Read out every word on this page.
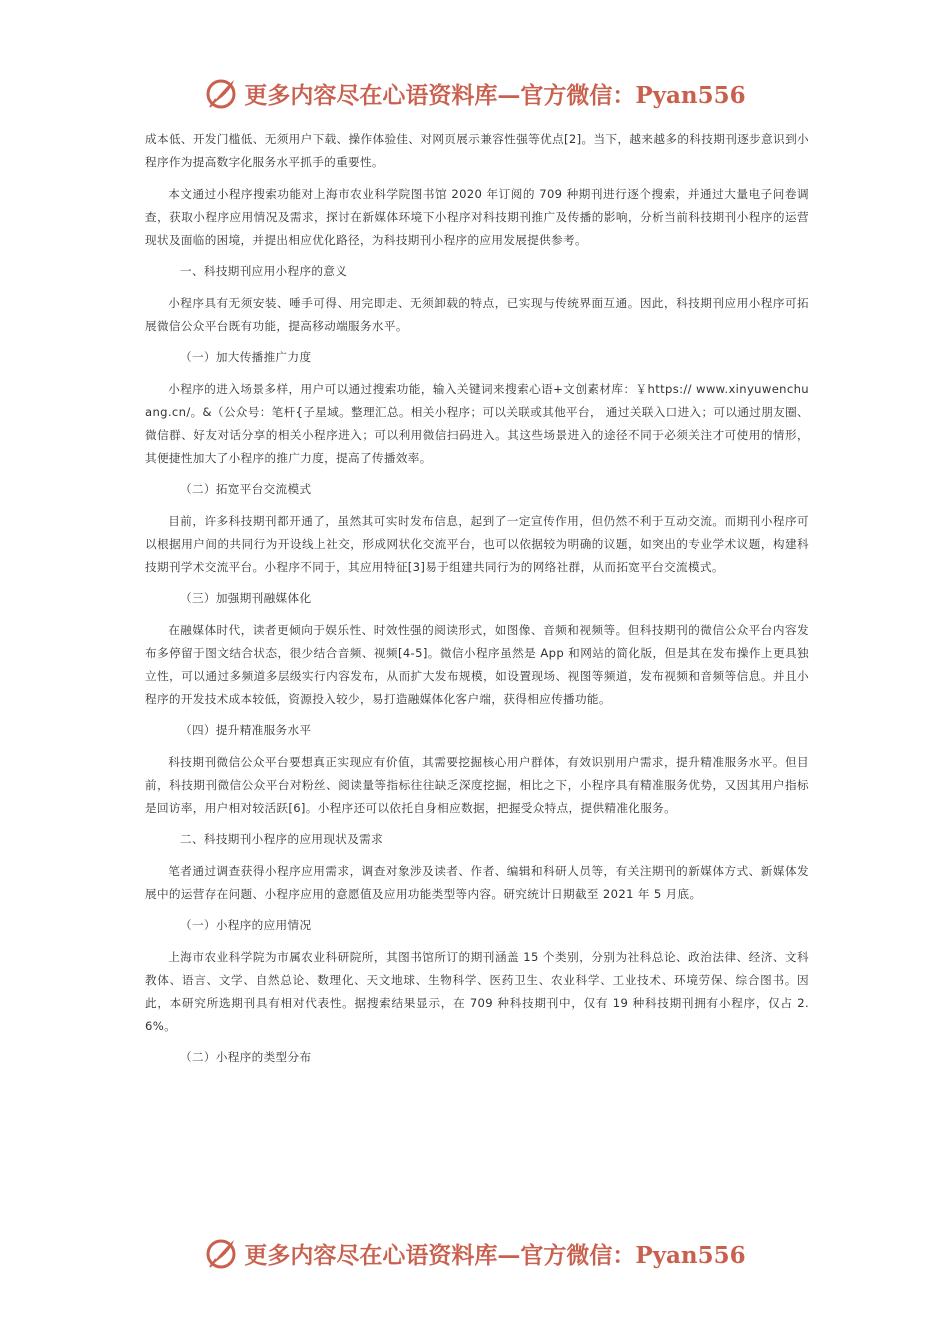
更多内容尽在心语资料库—官方微信：Pyan556

成本低、开发门槛低、无须用户下载、操作体验佳、对网页展示兼容性强等优点[2]。当下，越来越多的科技期刊逐步意识到小程序作为提高数字化服务水平抓手的重要性。

本文通过小程序搜索功能对上海市农业科学院图书馆 2020 年订阅的 709 种期刊进行逐个搜索，并通过大量电子问卷调查，获取小程序应用情况及需求，探讨在新媒体环境下小程序对科技期刊推广及传播的影响，分析当前科技期刊小程序的运营现状及面临的困境，并提出相应优化路径，为科技期刊小程序的应用发展提供参考。

一、科技期刊应用小程序的意义

小程序具有无须安装、唾手可得、用完即走、无须卸载的特点，已实现与传统界面互通。因此，科技期刊应用小程序可拓展微信公众平台既有功能，提高移动端服务水平。

（一）加大传播推广力度

小程序的进入场景多样，用户可以通过搜索功能，输入关键词来搜索心语+文创素材库：￥https:// www.xinyuwenchuang.cn/。&（公众号：笔杆{子星域。整理汇总。相关小程序；可以关联或其他平台， 通过关联入口进入；可以通过朋友圈、微信群、好友对话分享的相关小程序进入；可以利用微信扫码进入。其这些场景进入的途径不同于必须关注才可使用的情形，其便捷性加大了小程序的推广力度，提高了传播效率。

（二）拓宽平台交流模式

目前，许多科技期刊都开通了，虽然其可实时发布信息，起到了一定宣传作用，但仍然不利于互动交流。而期刊小程序可以根据用户间的共同行为开设线上社交，形成网状化交流平台，也可以依据较为明确的议题，如突出的专业学术议题，构建科技期刊学术交流平台。小程序不同于，其应用特征[3]易于组建共同行为的网络社群，从而拓宽平台交流模式。

（三）加强期刊融媒体化

在融媒体时代，读者更倾向于娱乐性、时效性强的阅读形式，如图像、音频和视频等。但科技期刊的微信公众平台内容发布多停留于图文结合状态，很少结合音频、视频[4-5]。微信小程序虽然是 App 和网站的简化版，但是其在发布操作上更具独立性，可以通过多频道多层级实行内容发布，从而扩大发布规模，如设置现场、视图等频道，发布视频和音频等信息。并且小程序的开发技术成本较低，资源投入较少，易打造融媒体化客户端，获得相应传播功能。

（四）提升精准服务水平

科技期刊微信公众平台要想真正实现应有价值，其需要挖掘核心用户群体，有效识别用户需求，提升精准服务水平。但目前，科技期刊微信公众平台对粉丝、阅读量等指标往往缺乏深度挖掘，相比之下，小程序具有精准服务优势，又因其用户指标是回访率，用户相对较活跃[6]。小程序还可以依托自身相应数据，把握受众特点，提供精准化服务。

二、科技期刊小程序的应用现状及需求

笔者通过调查获得小程序应用需求，调查对象涉及读者、作者、编辑和科研人员等，有关注期刊的新媒体方式、新媒体发展中的运营存在问题、小程序应用的意愿值及应用功能类型等内容。研究统计日期截至 2021 年 5 月底。

（一）小程序的应用情况

上海市农业科学院为市属农业科研院所，其图书馆所订的期刊涵盖 15 个类别，分别为社科总论、政治法律、经济、文科教体、语言、文学、自然总论、数理化、天文地球、生物科学、医药卫生、农业科学、工业技术、环境劳保、综合图书。因此，本研究所选期刊具有相对代表性。据搜索结果显示，在 709 种科技期刊中，仅有 19 种科技期刊拥有小程序，仅占 2.6%。

（二）小程序的类型分布

更多内容尽在心语资料库—官方微信：Pyan556
